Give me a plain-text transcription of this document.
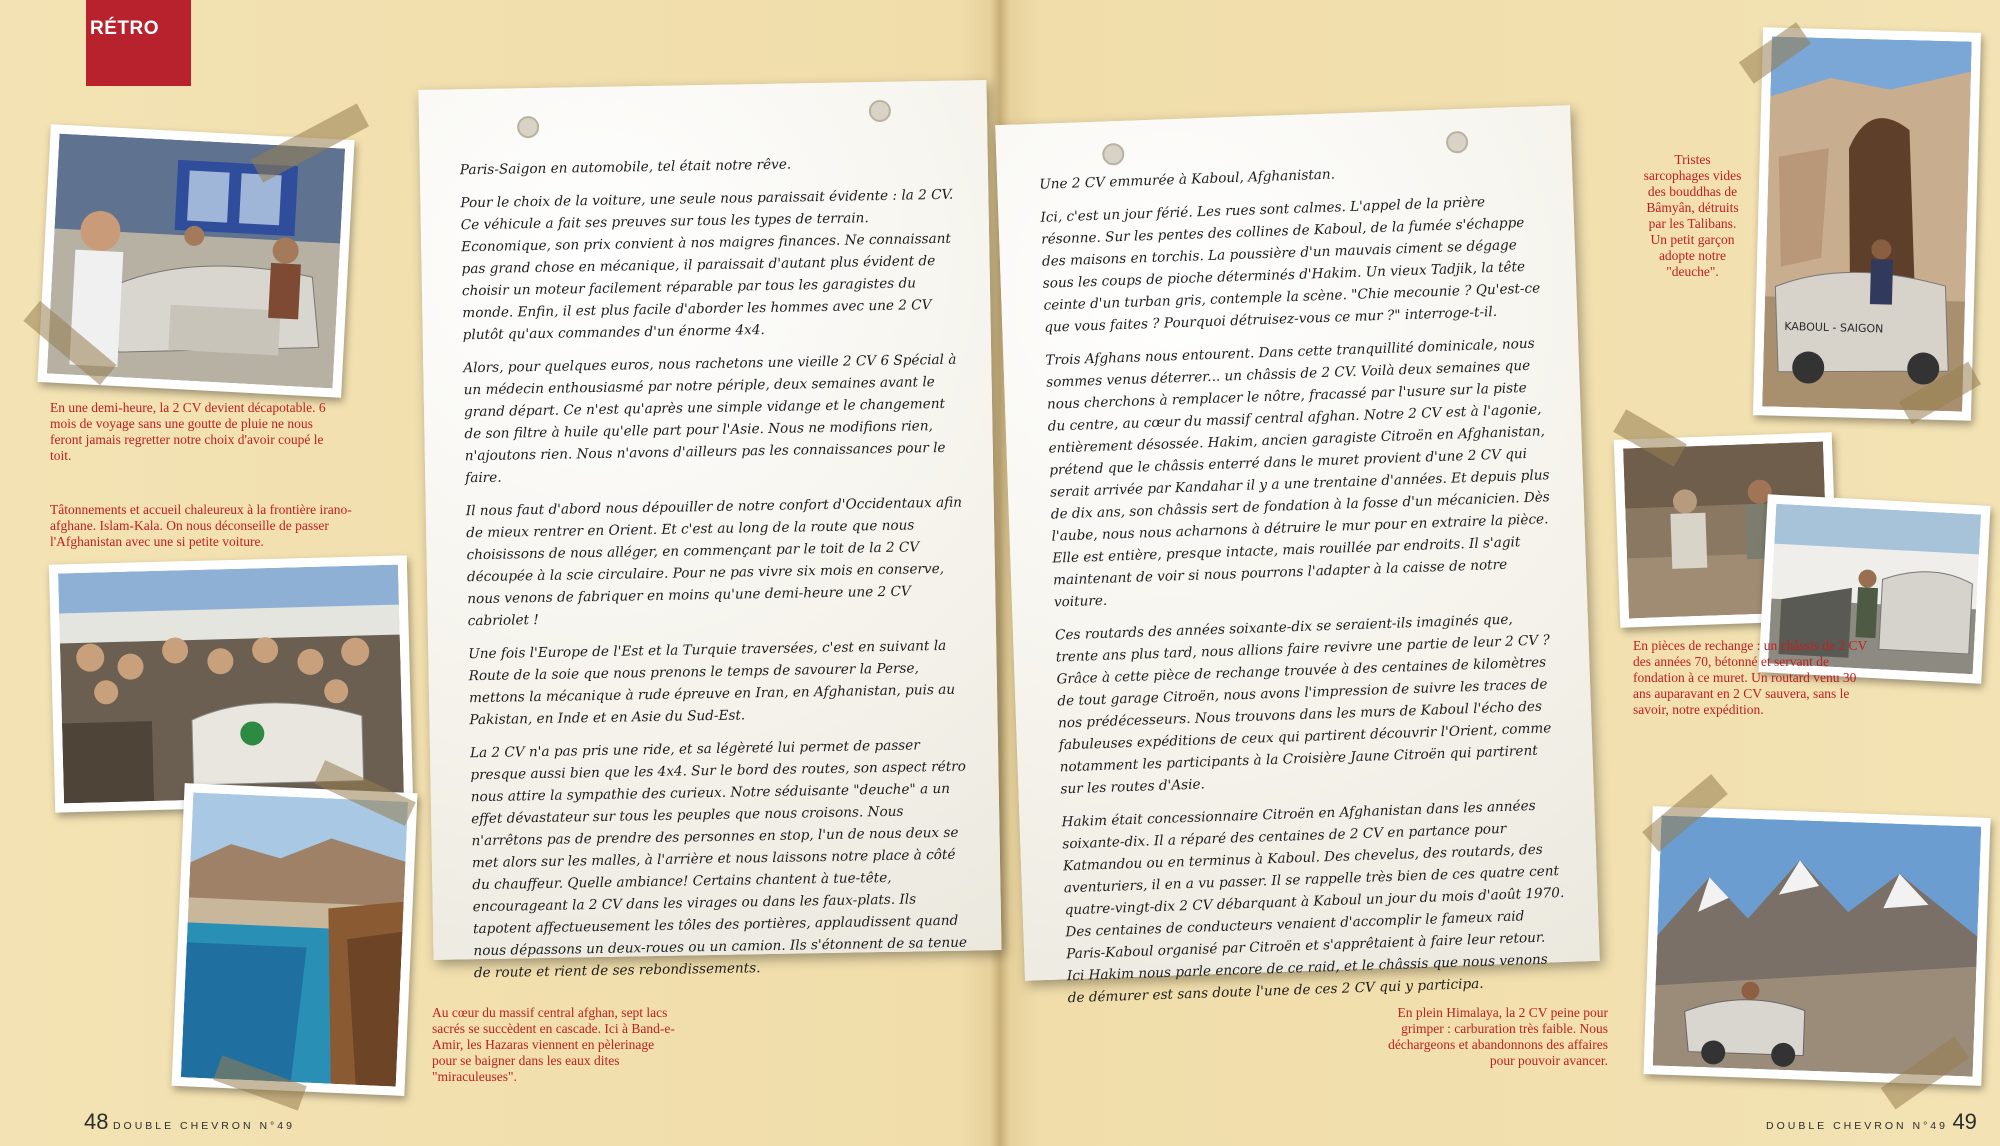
RÉTRO
En une demi-heure, la 2 CV devient décapotable. 6 mois de voyage sans une goutte de pluie ne nous feront jamais regretter notre choix d'avoir coupé le toit.
Tâtonnements et accueil chaleureux à la frontière irano-afghane. Islam-Kala. On nous déconseille de passer l'Afghanistan avec une si petite voiture.
Au cœur du massif central afghan, sept lacs sacrés se succèdent en cascade. Ici à Band-e-Amir, les Hazaras viennent en pèlerinage pour se baigner dans les eaux dites "miraculeuses".

Paris-Saigon en automobile, tel était notre rêve.

Pour le choix de la voiture, une seule nous paraissait évidente : la 2 CV. Ce véhicule a fait ses preuves sur tous les types de terrain. Economique, son prix convient à nos maigres finances. Ne connaissant pas grand chose en mécanique, il paraissait d'autant plus évident de choisir un moteur facilement réparable par tous les garagistes du monde. Enfin, il est plus facile d'aborder les hommes avec une 2 CV plutôt qu'aux commandes d'un énorme 4x4.

Alors, pour quelques euros, nous rachetons une vieille 2 CV 6 Spécial à un médecin enthousiasmé par notre périple, deux semaines avant le grand départ. Ce n'est qu'après une simple vidange et le changement de son filtre à huile qu'elle part pour l'Asie. Nous ne modifions rien, n'ajoutons rien. Nous n'avons d'ailleurs pas les connaissances pour le faire.

Il nous faut d'abord nous dépouiller de notre confort d'Occidentaux afin de mieux rentrer en Orient. Et c'est au long de la route que nous choisissons de nous alléger, en commençant par le toit de la 2 CV découpée à la scie circulaire. Pour ne pas vivre six mois en conserve, nous venons de fabriquer en moins qu'une demi-heure une 2 CV cabriolet !

Une fois l'Europe de l'Est et la Turquie traversées, c'est en suivant la Route de la soie que nous prenons le temps de savourer la Perse, mettons la mécanique à rude épreuve en Iran, en Afghanistan, puis au Pakistan, en Inde et en Asie du Sud-Est.

La 2 CV n'a pas pris une ride, et sa légèreté lui permet de passer presque aussi bien que les 4x4. Sur le bord des routes, son aspect rétro nous attire la sympathie des curieux. Notre séduisante "deuche" a un effet dévastateur sur tous les peuples que nous croisons. Nous n'arrêtons pas de prendre des personnes en stop, l'un de nous deux se met alors sur les malles, à l'arrière et nous laissons notre place à côté du chauffeur. Quelle ambiance! Certains chantent à tue-tête, encourageant la 2 CV dans les virages ou dans les faux-plats. Ils tapotent affectueusement les tôles des portières, applaudissent quand nous dépassons un deux-roues ou un camion. Ils s'étonnent de sa tenue de route et rient de ses rebondissements.

Une 2 CV emmurée à Kaboul, Afghanistan.

Ici, c'est un jour férié. Les rues sont calmes. L'appel de la prière résonne. Sur les pentes des collines de Kaboul, de la fumée s'échappe des maisons en torchis. La poussière d'un mauvais ciment se dégage sous les coups de pioche déterminés d'Hakim. Un vieux Tadjik, la tête ceinte d'un turban gris, contemple la scène. "Chie mecounie ? Qu'est-ce que vous faites ? Pourquoi détruisez-vous ce mur ?" interroge-t-il.

Trois Afghans nous entourent. Dans cette tranquillité dominicale, nous sommes venus déterrer... un châssis de 2 CV. Voilà deux semaines que nous cherchons à remplacer le nôtre, fracassé par l'usure sur la piste du centre, au cœur du massif central afghan. Notre 2 CV est à l'agonie, entièrement désossée. Hakim, ancien garagiste Citroën en Afghanistan, prétend que le châssis enterré dans le muret provient d'une 2 CV qui serait arrivée par Kandahar il y a une trentaine d'années. Et depuis plus de dix ans, son châssis sert de fondation à la fosse d'un mécanicien. Dès l'aube, nous nous acharnons à détruire le mur pour en extraire la pièce. Elle est entière, presque intacte, mais rouillée par endroits. Il s'agit maintenant de voir si nous pourrons l'adapter à la caisse de notre voiture.

Ces routards des années soixante-dix se seraient-ils imaginés que, trente ans plus tard, nous allions faire revivre une partie de leur 2 CV ? Grâce à cette pièce de rechange trouvée à des centaines de kilomètres de tout garage Citroën, nous avons l'impression de suivre les traces de nos prédécesseurs. Nous trouvons dans les murs de Kaboul l'écho des fabuleuses expéditions de ceux qui partirent découvrir l'Orient, comme notamment les participants à la Croisière Jaune Citroën qui partirent sur les routes d'Asie.

Hakim était concessionnaire Citroën en Afghanistan dans les années soixante-dix. Il a réparé des centaines de 2 CV en partance pour Katmandou ou en terminus à Kaboul. Des chevelus, des routards, des aventuriers, il en a vu passer. Il se rappelle très bien de ces quatre cent quatre-vingt-dix 2 CV débarquant à Kaboul un jour du mois d'août 1970. Des centaines de conducteurs venaient d'accomplir le fameux raid Paris-Kaboul organisé par Citroën et s'apprêtaient à faire leur retour. Ici Hakim nous parle encore de ce raid, et le châssis que nous venons de démurer est sans doute l'une de ces 2 CV qui y participa.

KABOUL - SAIGON
Tristes sarcophages vides des bouddhas de Bâmyân, détruits par les Talibans. Un petit garçon adopte notre "deuche".
En pièces de rechange : un châssis de 2 CV des années 70, bétonné et servant de fondation à ce muret. Un routard venu 30 ans auparavant en 2 CV sauvera, sans le savoir, notre expédition.
En plein Himalaya, la 2 CV peine pour grimper : carburation très faible. Nous déchargeons et abandonnons des affaires pour pouvoir avancer.
48 DOUBLE CHEVRON N°49	DOUBLE CHEVRON N°49 49
